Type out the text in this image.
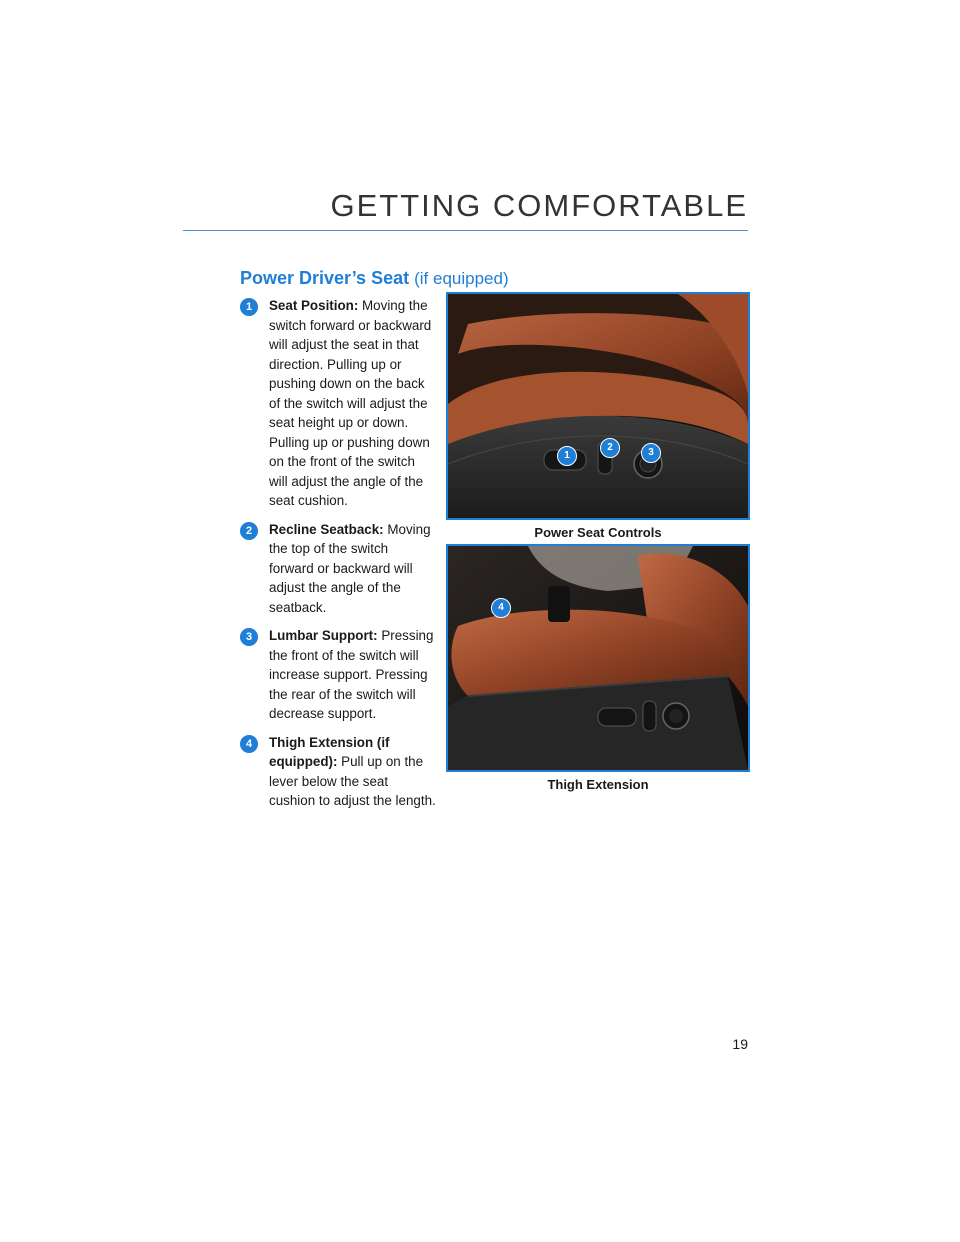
GETTING COMFORTABLE
Power Driver’s Seat (if equipped)
1	Seat Position: Moving the switch forward or backward will adjust the seat in that direction. Pulling up or pushing down on the back of the switch will adjust the seat height up or down. Pulling up or pushing down on the front of the switch will adjust the angle of the seat cushion.
2	Recline Seatback: Moving the top of the switch forward or backward will adjust the angle of the seatback.
3	Lumbar Support: Pressing the front of the switch will increase support. Pressing the rear of the switch will decrease support.
4	Thigh Extension (if equipped): Pull up on the lever below the seat cushion to adjust the length.
1
2	3

Power Seat Controls

4

Thigh Extension

19
